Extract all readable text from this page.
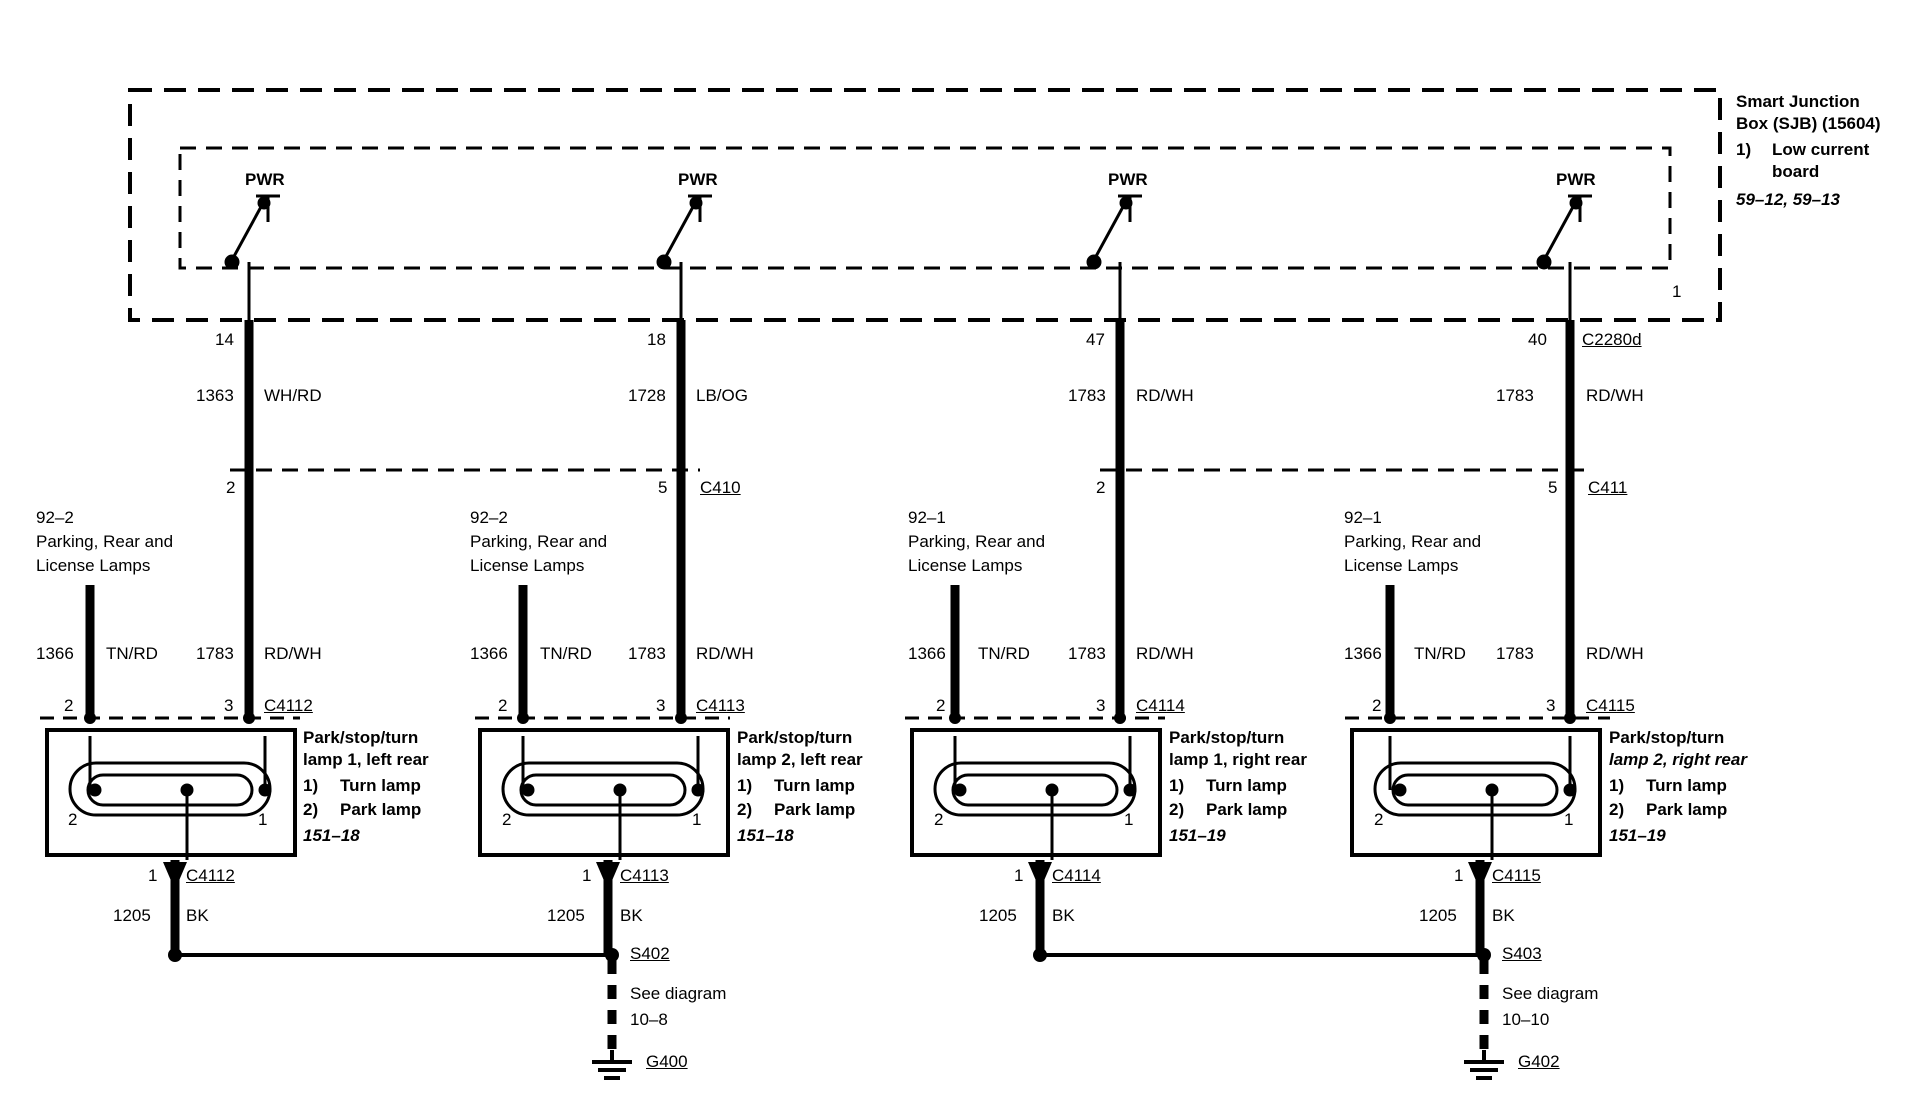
Smart Junction
Box (SJB) (15604)
1) Low current
board
59–12, 59–13
1
PWR	PWR	PWR	PWR
14	18	47	40 C2280d
1363 WH/RD	1728 LB/OG	1783 RD/WH	1783	RD/WH
2	5 C410	2	5 C411
92–2
Parking, Rear and
License Lamps
92–2
Parking, Rear and
License Lamps
92–1
Parking, Rear and
License Lamps
92–1
Parking, Rear and
License Lamps
1366 TN/RD 1783 RD/WH
2	3 C4112
1366 TN/RD 1783 RD/WH
2	3 C4113
1366 TN/RD 1783 RD/WH
2	3 C4114
1366 TN/RD 1783	RD/WH
2	3 C4115
2	1
Park/stop/turn
lamp 1, left rear
1) Turn lamp
2) Park lamp
151–18
1 C4112
1205 BK
2	1
Park/stop/turn
lamp 2, left rear
1) Turn lamp
2) Park lamp
151–18
1 C4113
1205 BK
2	1
Park/stop/turn
lamp 1, right rear
1) Turn lamp
2) Park lamp
151–19
1 C4114
1205 BK
2	1
Park/stop/turn
lamp 2, right rear
1) Turn lamp
2) Park lamp
151–19
1 C4115
1205 BK
S402
See diagram
10–8
G400
S403
See diagram
10–10
G402
